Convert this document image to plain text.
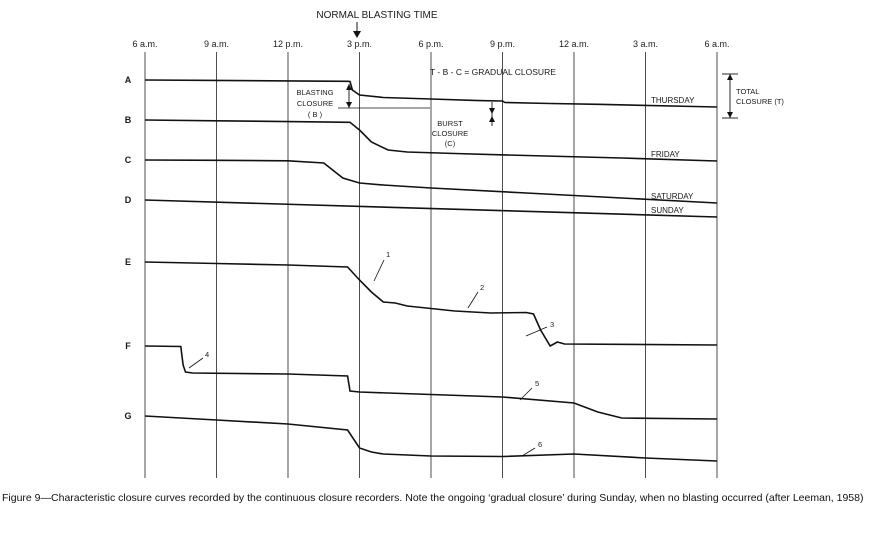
NORMAL BLASTING TIME
6 a.m.	9 a.m.	12 p.m.	3 p.m.	6 p.m.	9 p.m.	12 a.m.	3 a.m.	6 a.m.
A
THURSDAY
B
FRIDAY
C
SATURDAY
D
SUNDAY
E
F
G
T - B - C = GRADUAL CLOSURE
BLASTING
CLOSURE
( B )
BURST
CLOSURE
(C)
TOTAL
CLOSURE (T)
1
2
3
4
5
6
Figure 9—Characteristic closure curves recorded by the continuous closure recorders. Note the ongoing ‘gradual closure’ during Sunday, when no blasting occurred (after Leeman, 1958)
